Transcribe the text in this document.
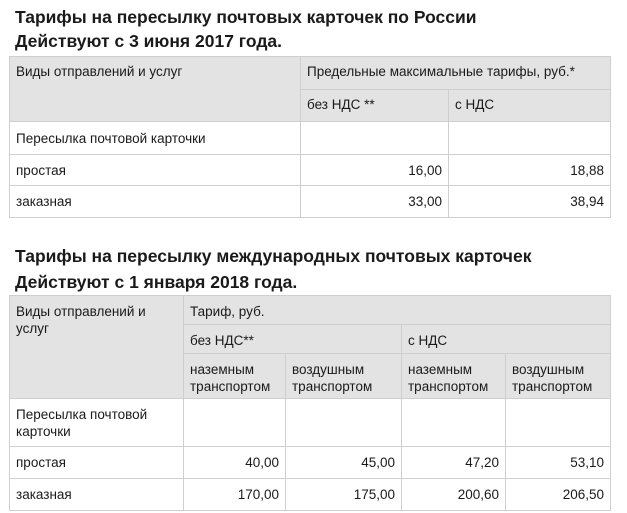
Тарифы на пересылку почтовых карточек по России
Действуют с 3 июня 2017 года.
Виды отправлений и услуг	Предельные максимальные тарифы, руб.*	
	без НДС **	с НДС
Пересылка почтовой карточки		
простая	16,00	18,88
заказная	33,00	38,94
Тарифы на пересылку международных почтовых карточек
Действуют с 1 января 2018 года.
Виды отправлений и услуг	Тариф, руб.			
	без НДС**		с НДС	
	наземным транспортом	воздушным транспортом	наземным транспортом	воздушным транспортом
Пересылка почтовой карточки				
простая	40,00	45,00	47,20	53,10
заказная	170,00	175,00	200,60	206,50
